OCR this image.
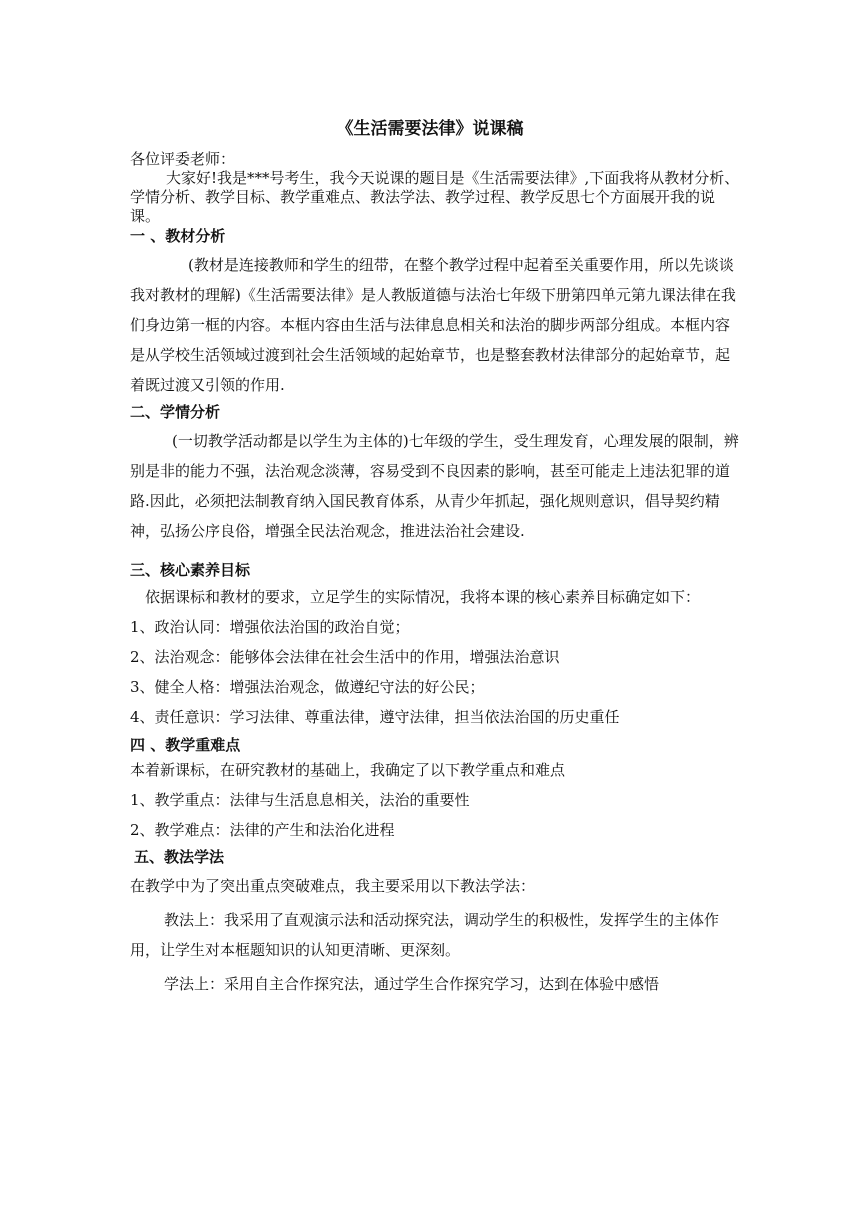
《生活需要法律》说课稿

各位评委老师：

大家好!我是***号考生，我今天说课的题目是《生活需要法律》,下面我将从教材分析、学情分析、教学目标、教学重难点、教法学法、教学过程、教学反思七个方面展开我的说课。

一 、教材分析

(教材是连接教师和学生的纽带，在整个教学过程中起着至关重要作用，所以先谈谈我对教材的理解)《生活需要法律》是人教版道德与法治七年级下册第四单元第九课法律在我们身边第一框的内容。本框内容由生活与法律息息相关和法治的脚步两部分组成。本框内容是从学校生活领域过渡到社会生活领域的起始章节，也是整套教材法律部分的起始章节，起着既过渡又引领的作用.

二、学情分析

(一切教学活动都是以学生为主体的)七年级的学生，受生理发育，心理发展的限制，辨别是非的能力不强，法治观念淡薄，容易受到不良因素的影响，甚至可能走上违法犯罪的道路.因此，必须把法制教育纳入国民教育体系，从青少年抓起，强化规则意识，倡导契约精神，弘扬公序良俗，增强全民法治观念，推进法治社会建设.

三、核心素养目标

依据课标和教材的要求，立足学生的实际情况，我将本课的核心素养目标确定如下：

1、政治认同：增强依法治国的政治自觉；

2、法治观念：能够体会法律在社会生活中的作用，增强法治意识

3、健全人格：增强法治观念，做遵纪守法的好公民；

4、责任意识：学习法律、尊重法律，遵守法律，担当依法治国的历史重任

四 、教学重难点

本着新课标，在研究教材的基础上，我确定了以下教学重点和难点

1、教学重点：法律与生活息息相关，法治的重要性

2、教学难点：法律的产生和法治化进程

五、教法学法

在教学中为了突出重点突破难点，我主要采用以下教法学法：

教法上：我采用了直观演示法和活动探究法，调动学生的积极性，发挥学生的主体作用，让学生对本框题知识的认知更清晰、更深刻。

学法上：采用自主合作探究法，通过学生合作探究学习，达到在体验中感悟
